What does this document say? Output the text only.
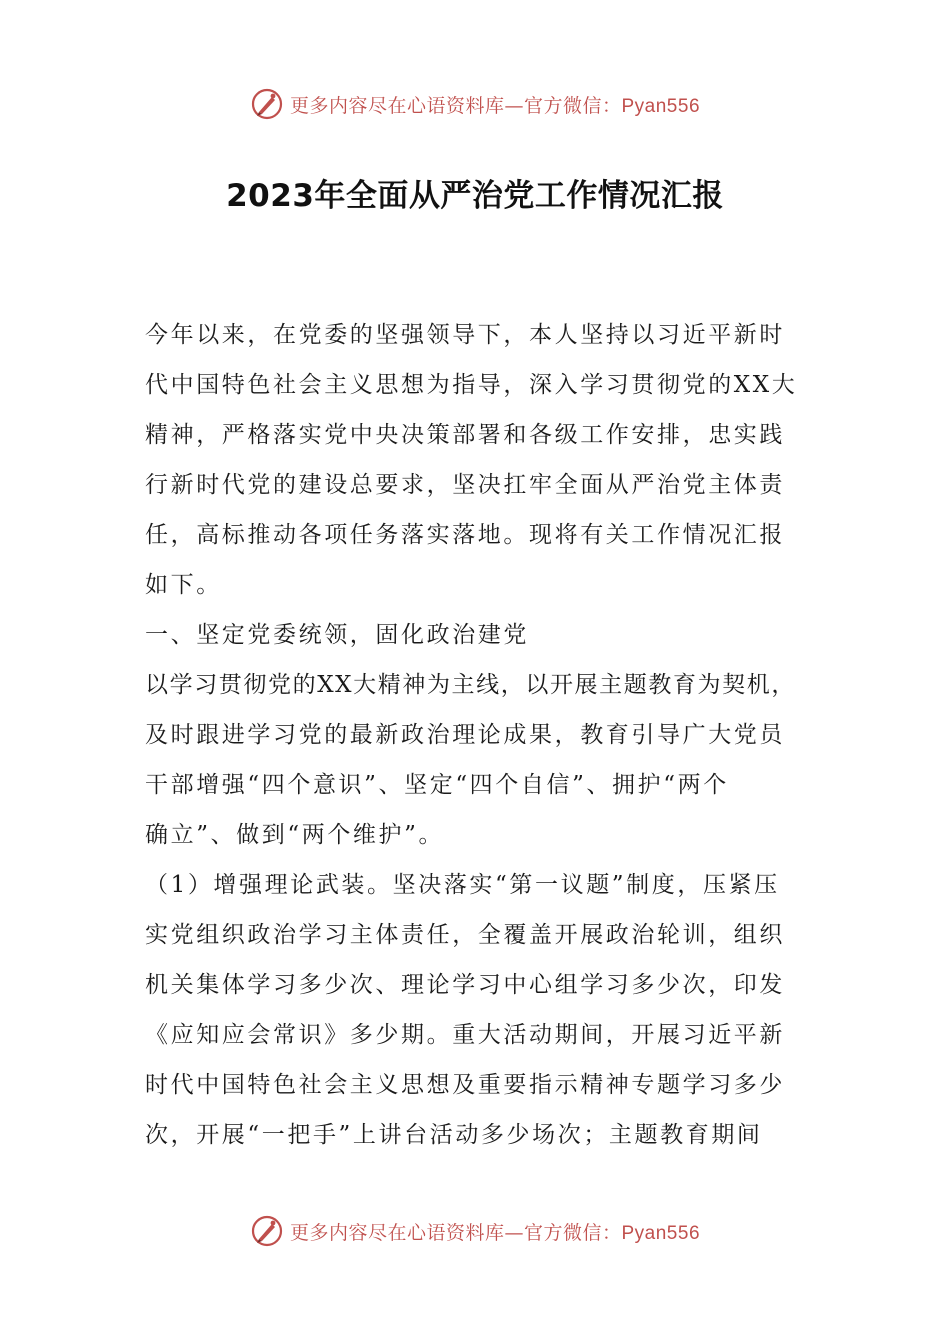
更多内容尽在心语资料库—官方微信：Pyan556
2023年全面从严治党工作情况汇报
今年以来，在党委的坚强领导下，本人坚持以习近平新时
代中国特色社会主义思想为指导，深入学习贯彻党的XX大
精神，严格落实党中央决策部署和各级工作安排，忠实践
行新时代党的建设总要求，坚决扛牢全面从严治党主体责
任，高标推动各项任务落实落地。现将有关工作情况汇报
如下。
一、坚定党委统领，固化政治建党
以学习贯彻党的XX大精神为主线，以开展主题教育为契机，
及时跟进学习党的最新政治理论成果，教育引导广大党员
干部增强“四个意识”、坚定“四个自信”、拥护“两个
确立”、做到“两个维护”。
（1）增强理论武装。坚决落实“第一议题”制度，压紧压
实党组织政治学习主体责任，全覆盖开展政治轮训，组织
机关集体学习多少次、理论学习中心组学习多少次，印发
《应知应会常识》多少期。重大活动期间，开展习近平新
时代中国特色社会主义思想及重要指示精神专题学习多少
次，开展“一把手”上讲台活动多少场次；主题教育期间
更多内容尽在心语资料库—官方微信：Pyan556
